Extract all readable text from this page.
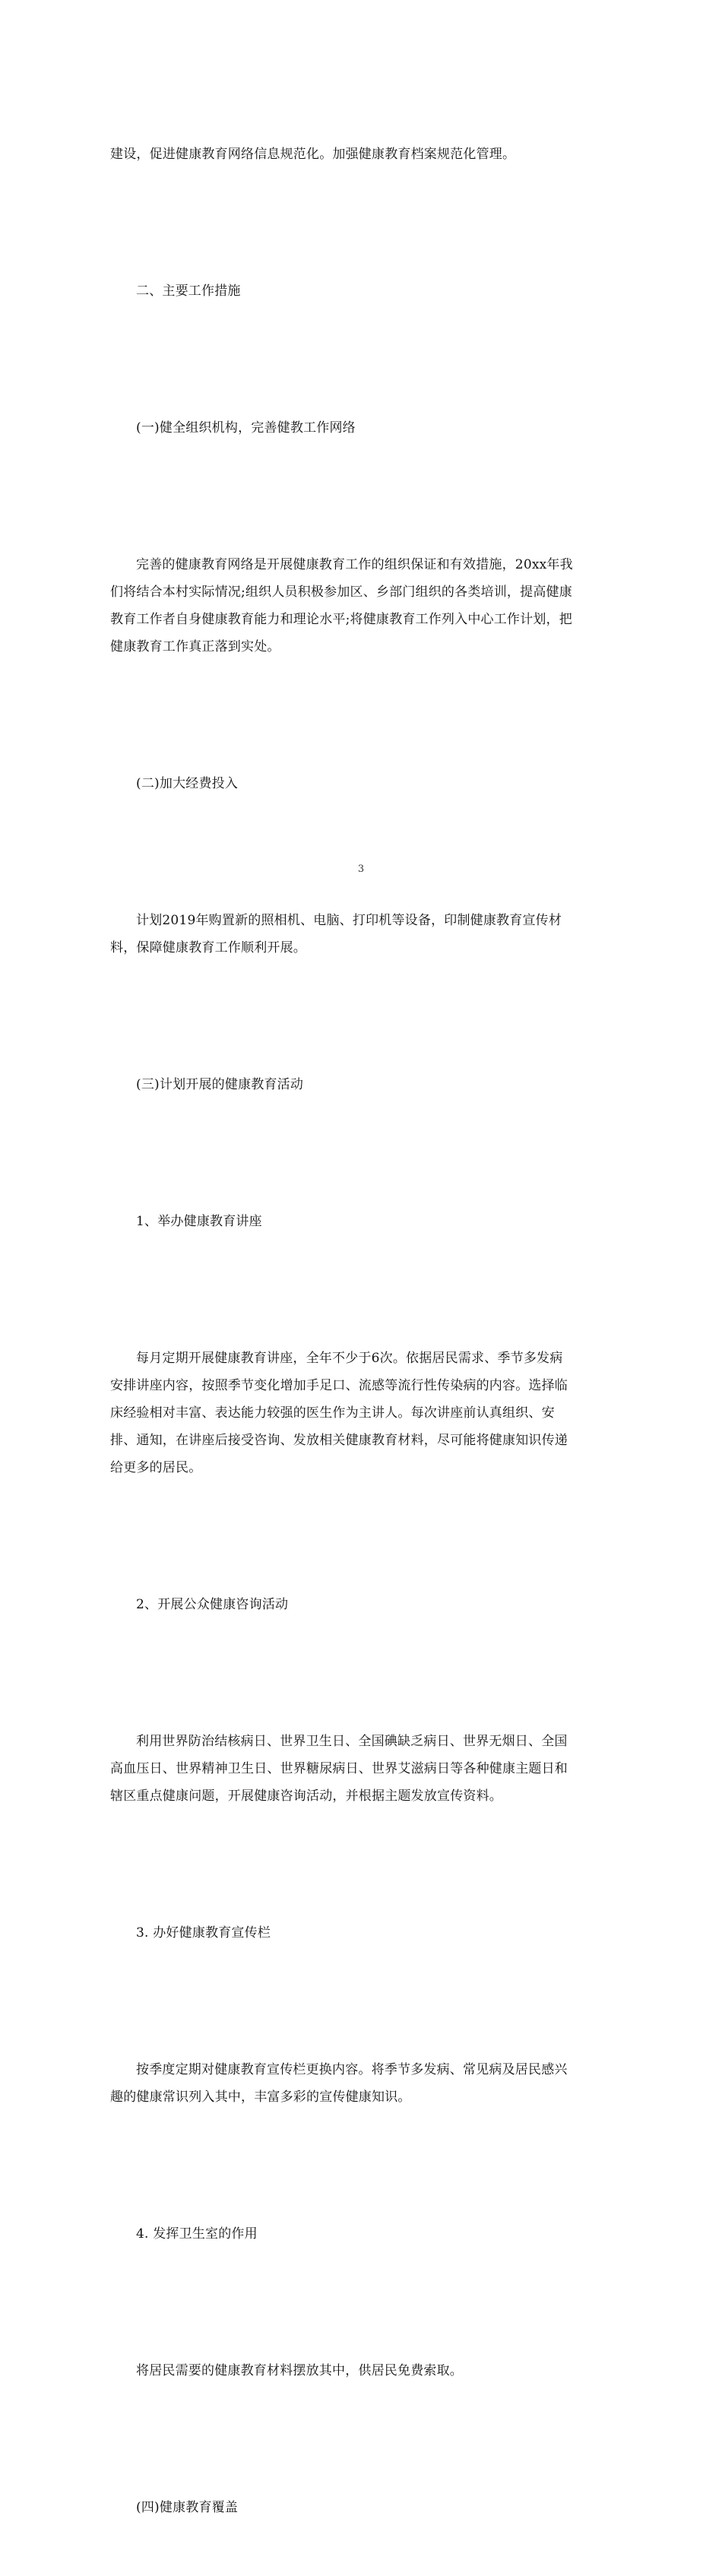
建设，促进健康教育网络信息规范化。加强健康教育档案规范化管理。

二、主要工作措施

(一)健全组织机构，完善健教工作网络

完善的健康教育网络是开展健康教育工作的组织保证和有效措施，20xx年我
们将结合本村实际情况;组织人员积极参加区、乡部门组织的各类培训，提高健康
教育工作者自身健康教育能力和理论水平;将健康教育工作列入中心工作计划，把
健康教育工作真正落到实处。

(二)加大经费投入

计划2019年购置新的照相机、电脑、打印机等设备，印制健康教育宣传材
料，保障健康教育工作顺利开展。

(三)计划开展的健康教育活动

1、举办健康教育讲座

每月定期开展健康教育讲座，全年不少于6次。依据居民需求、季节多发病
安排讲座内容，按照季节变化增加手足口、流感等流行性传染病的内容。选择临
床经验相对丰富、表达能力较强的医生作为主讲人。每次讲座前认真组织、安
排、通知，在讲座后接受咨询、发放相关健康教育材料，尽可能将健康知识传递
给更多的居民。

2、开展公众健康咨询活动

利用世界防治结核病日、世界卫生日、全国碘缺乏病日、世界无烟日、全国
高血压日、世界精神卫生日、世界糖尿病日、世界艾滋病日等各种健康主题日和
辖区重点健康问题，开展健康咨询活动，并根据主题发放宣传资料。

3. 办好健康教育宣传栏

按季度定期对健康教育宣传栏更换内容。将季节多发病、常见病及居民感兴
趣的健康常识列入其中，丰富多彩的宣传健康知识。

4. 发挥卫生室的作用

将居民需要的健康教育材料摆放其中，供居民免费索取。

(四)健康教育覆盖

3
